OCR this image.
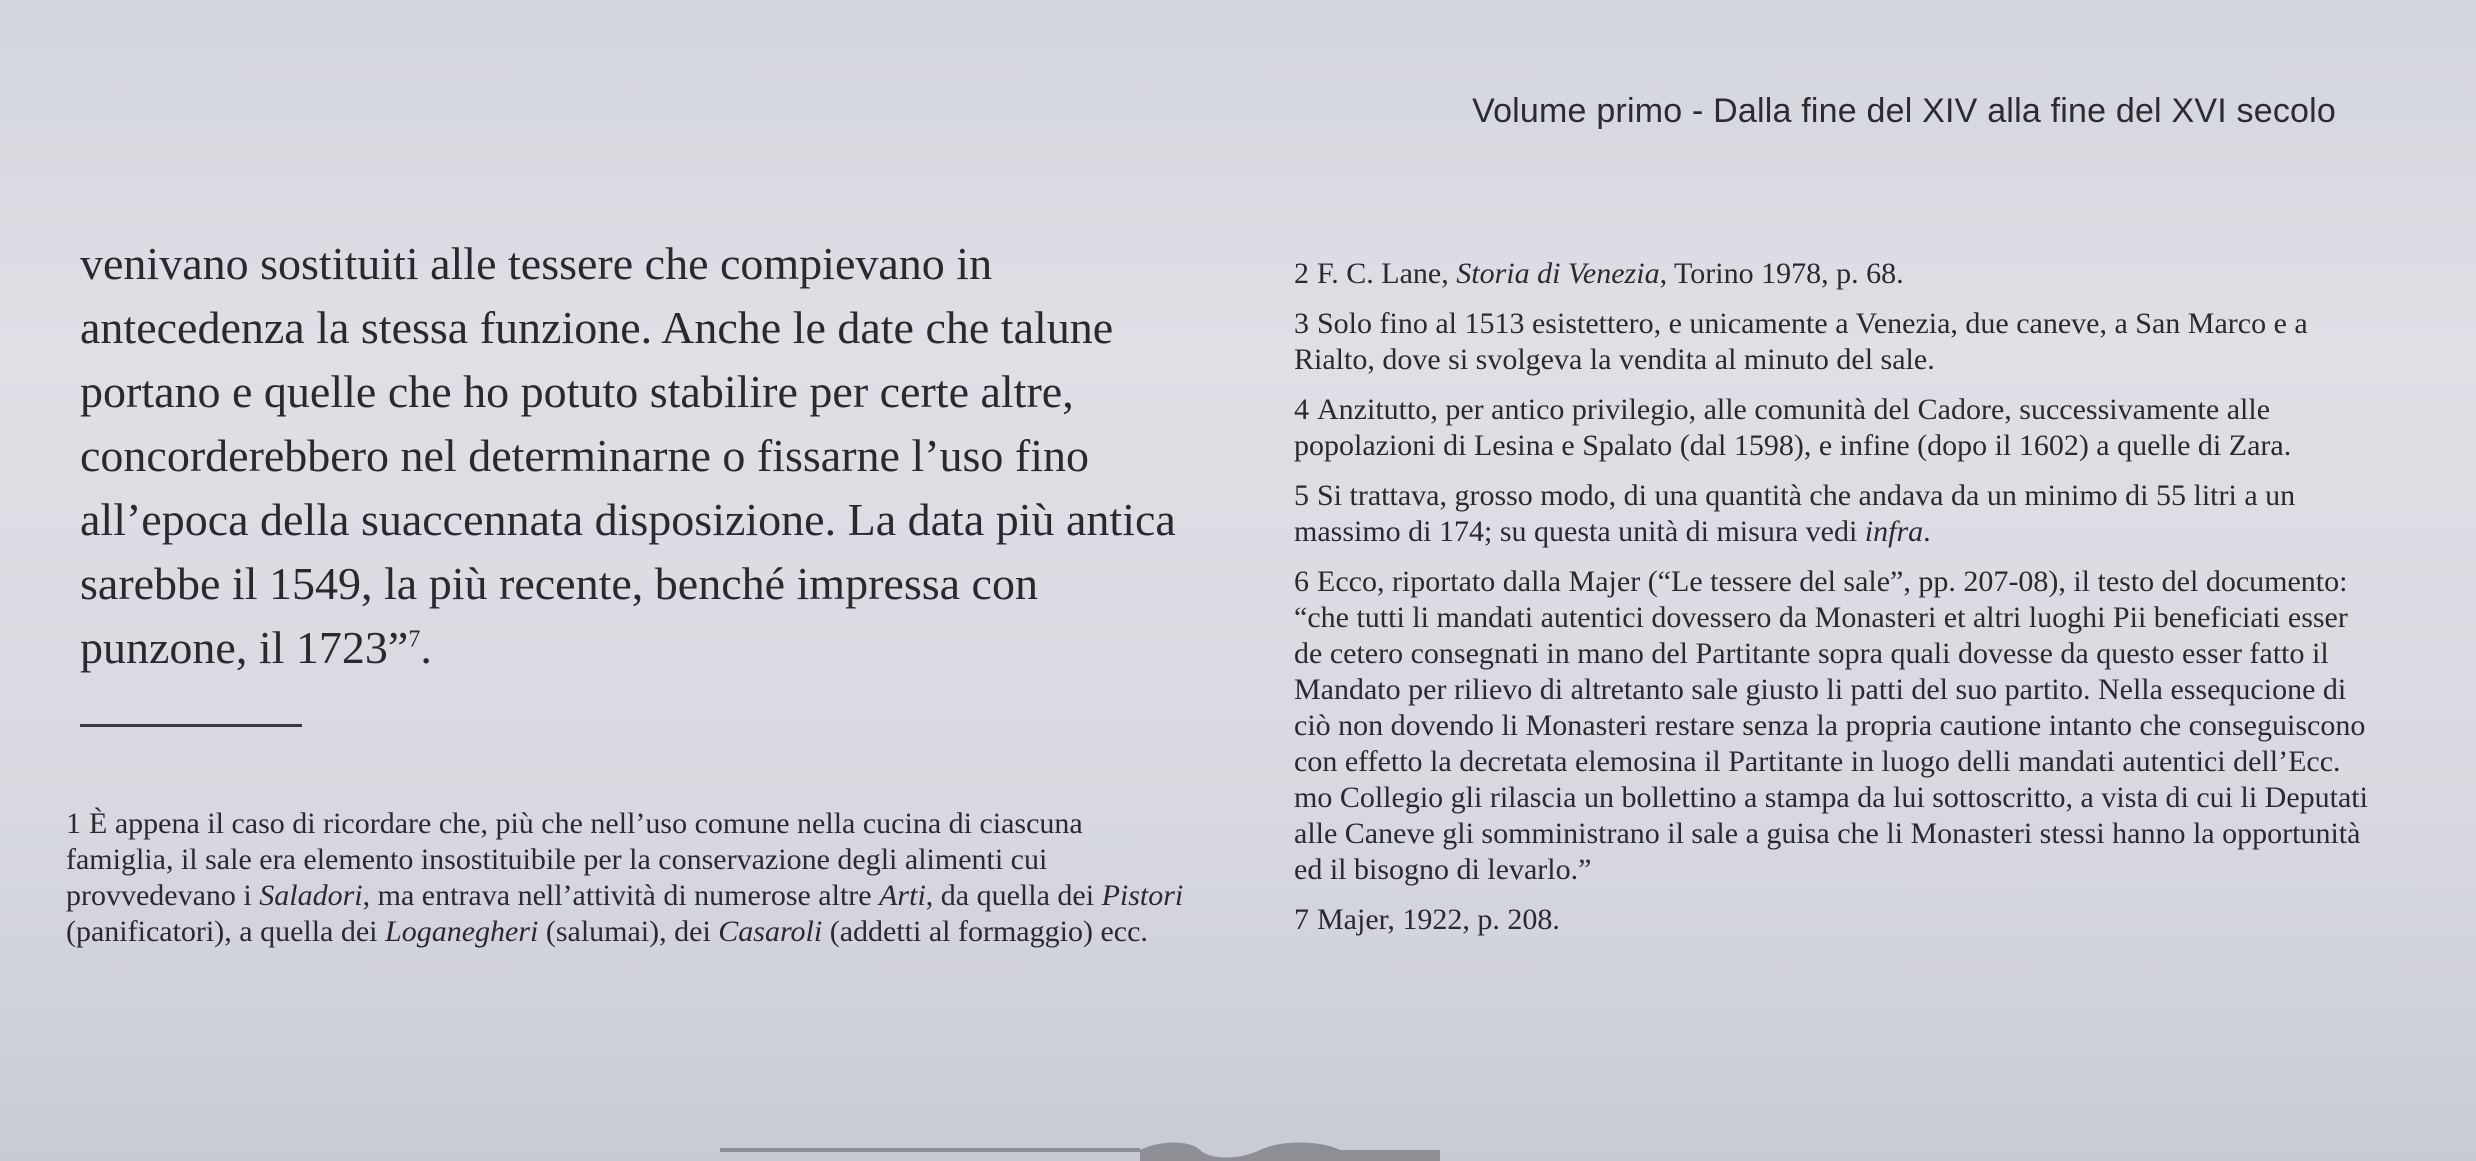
Volume primo - Dalla fine del XIV alla fine del XVI secolo

venivano sostituiti alle tessere che compievano in antecedenza la stessa funzione. Anche le date che talune portano e quelle che ho potuto stabilire per certe altre, concorderebbero nel determinarne o fissarne l’uso fino all’epoca della suaccennata disposizione. La data più antica sarebbe il 1549, la più recente, benché impressa con punzone, il 1723”$^7$.

1 È appena il caso di ricordare che, più che nell’uso comune nella cucina di ciascuna famiglia, il sale era elemento insostituibile per la conservazione degli alimenti cui provvedevano i Saladori, ma entrava nell’attività di numerose altre Arti, da quella dei Pistori (panificatori), a quella dei Loganegheri (salumai), dei Casaroli (addetti al formaggio) ecc.

2 F. C. Lane, Storia di Venezia, Torino 1978, p. 68.

3 Solo fino al 1513 esistettero, e unicamente a Venezia, due caneve, a San Marco e a Rialto, dove si svolgeva la vendita al minuto del sale.

4 Anzitutto, per antico privilegio, alle comunità del Cadore, successivamente alle popolazioni di Lesina e Spalato (dal 1598), e infine (dopo il 1602) a quelle di Zara.

5 Si trattava, grosso modo, di una quantità che andava da un minimo di 55 litri a un massimo di 174; su questa unità di misura vedi infra.

6 Ecco, riportato dalla Majer (“Le tessere del sale”, pp. 207-08), il testo del documento: “che tutti li mandati autentici dovessero da Monasteri et altri luoghi Pii beneficiati esser de cetero consegnati in mano del Partitante sopra quali dovesse da questo esser fatto il Mandato per rilievo di altretanto sale giusto li patti del suo partito. Nella essequcione di ciò non dovendo li Monasteri restare senza la propria cautione intanto che conseguiscono con effetto la decretata elemosina il Partitante in luogo delli mandati autentici dell’Ecc. mo Collegio gli rilascia un bollettino a stampa da lui sottoscritto, a vista di cui li Deputati alle Caneve gli somministrano il sale a guisa che li Monasteri stessi hanno la opportunità ed il bisogno di levarlo.”

7 Majer, 1922, p. 208.
